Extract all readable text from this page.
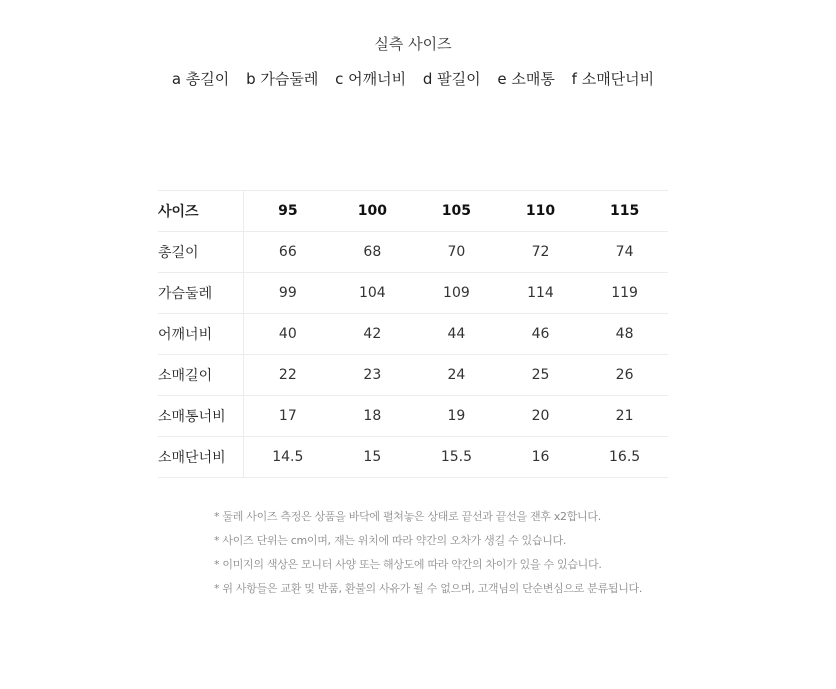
실측 사이즈
a 총길이 b 가슴둘레 c 어깨너비 d 팔길이 e 소매통 f 소매단너비
사이즈	95	100	105	110	115
총길이	66	68	70	72	74
가슴둘레	99	104	109	114	119
어깨너비	40	42	44	46	48
소매길이	22	23	24	25	26
소매통너비	17	18	19	20	21
소매단너비	14.5	15	15.5	16	16.5
* 둘레 사이즈 측정은 상품을 바닥에 펼쳐놓은 상태로 끝선과 끝선을 잰후 x2합니다.
* 사이즈 단위는 cm이며, 재는 위치에 따라 약간의 오차가 생길 수 있습니다.
* 이미지의 색상은 모니터 사양 또는 해상도에 따라 약간의 차이가 있을 수 있습니다.
* 위 사항들은 교환 및 반품, 환불의 사유가 될 수 없으며, 고객님의 단순변심으로 분류됩니다.
